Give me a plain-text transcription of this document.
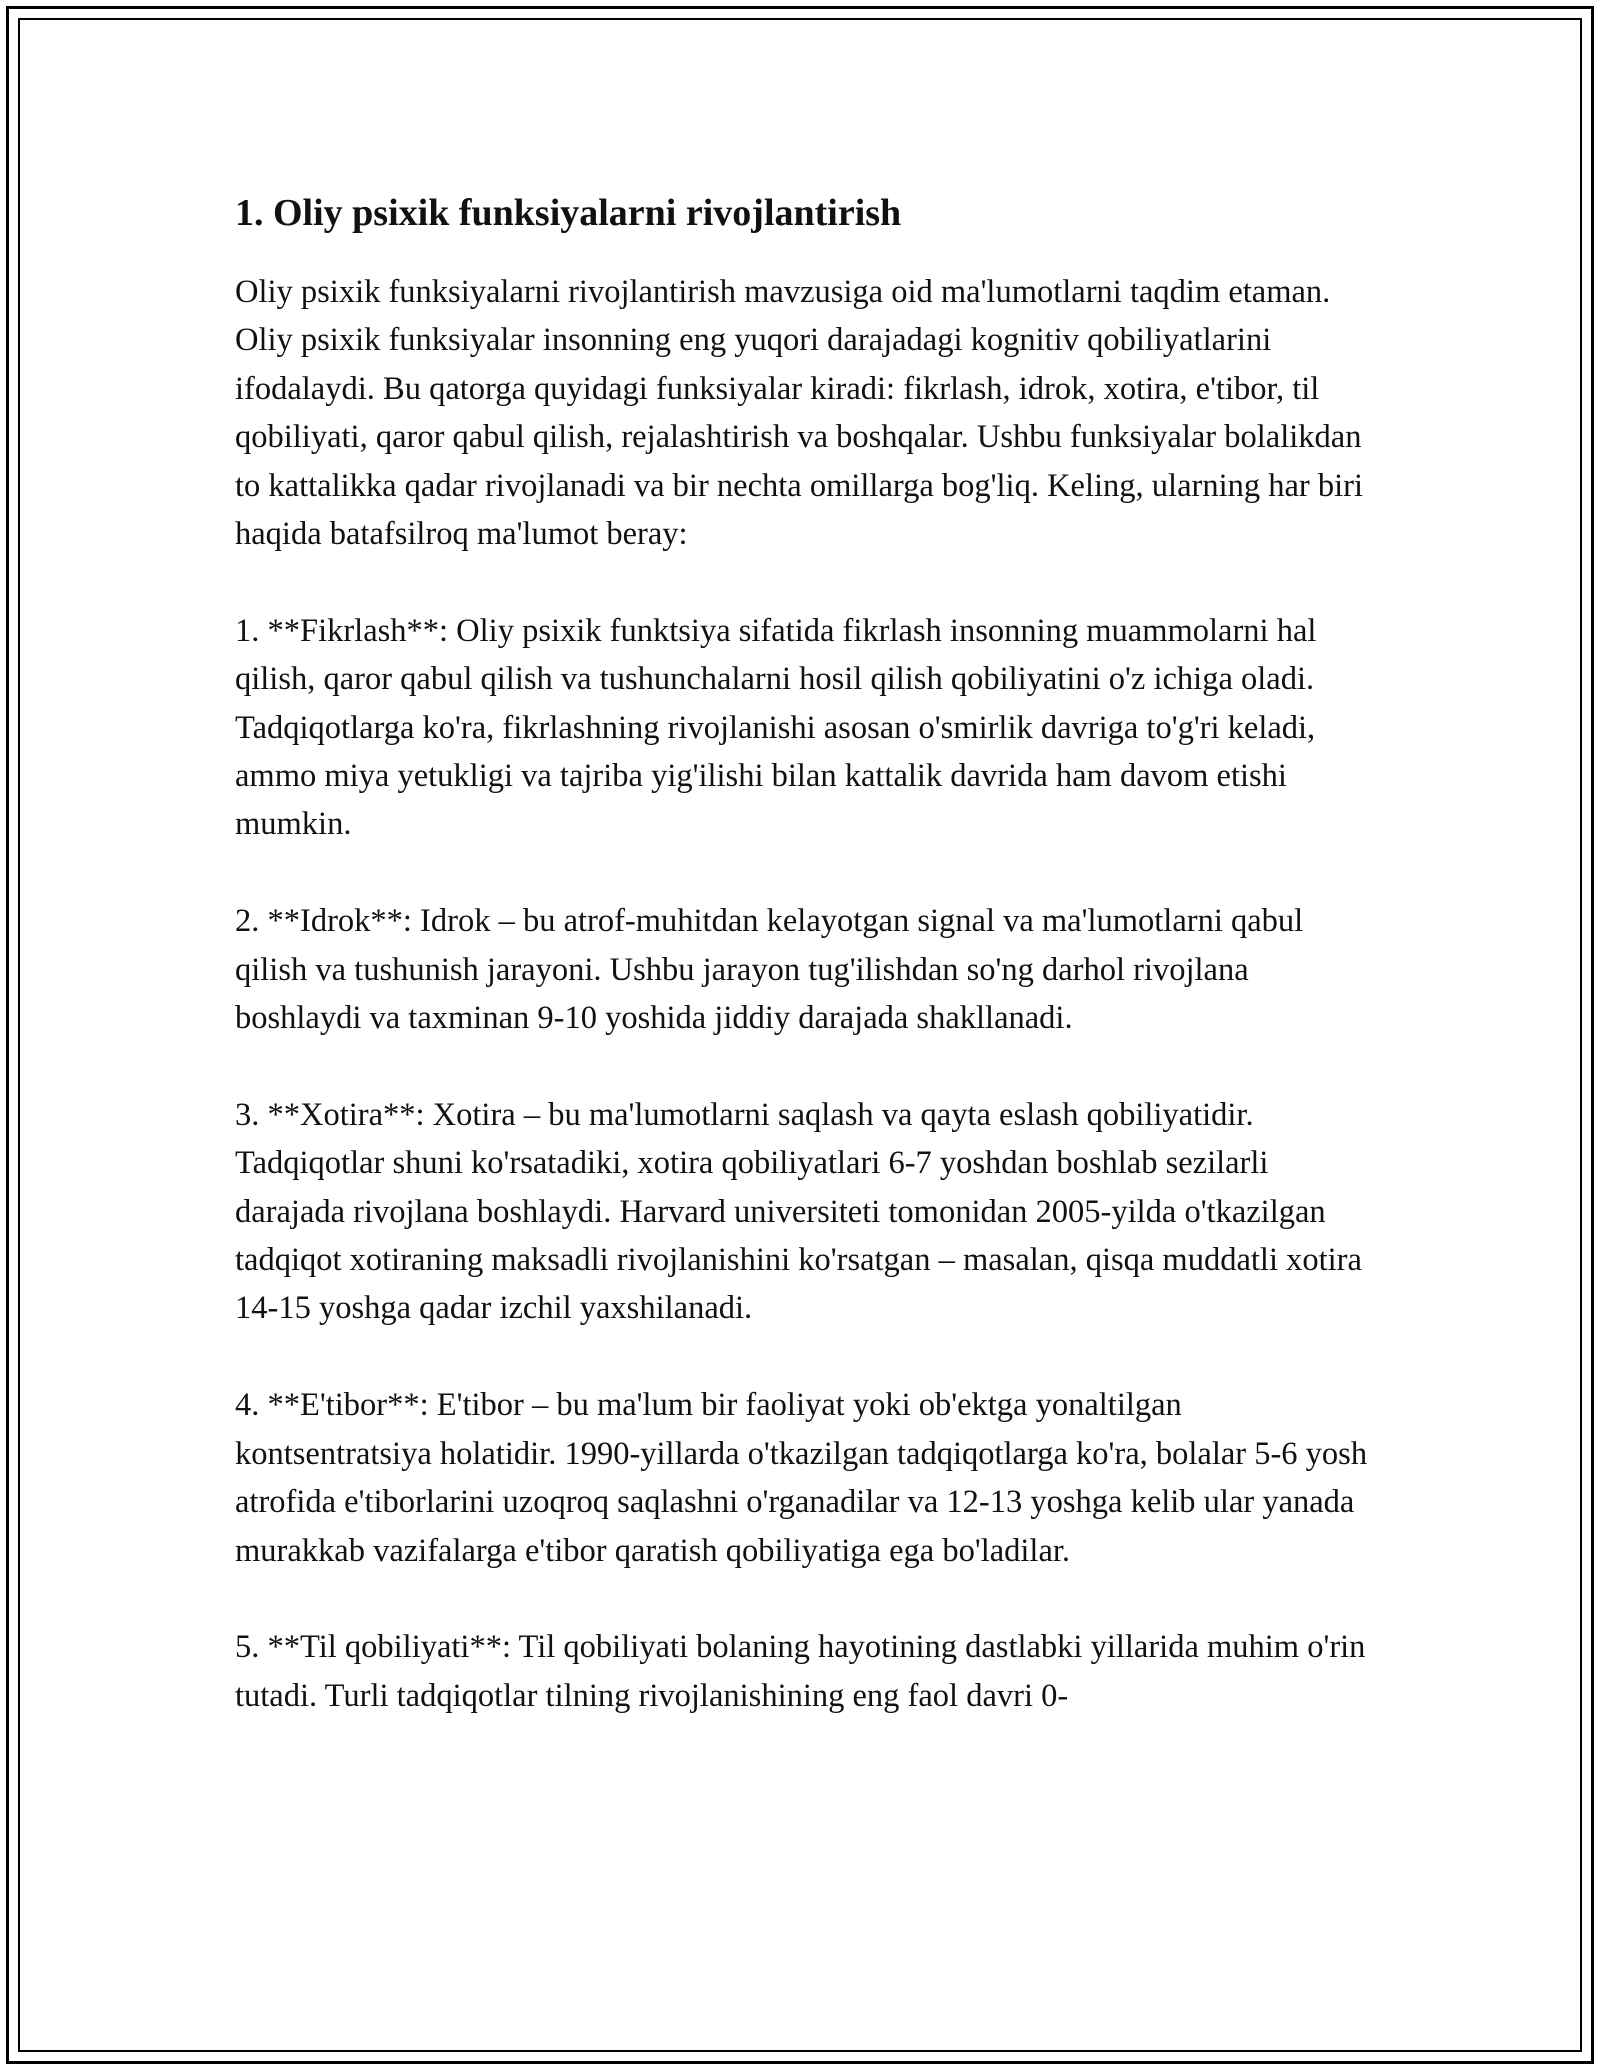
1. Oliy psixik funksiyalarni rivojlantirish

Oliy psixik funksiyalarni rivojlantirish mavzusiga oid ma'lumotlarni taqdim etaman. Oliy psixik funksiyalar insonning eng yuqori darajadagi kognitiv qobiliyatlarini ifodalaydi. Bu qatorga quyidagi funksiyalar kiradi: fikrlash, idrok, xotira, e'tibor, til qobiliyati, qaror qabul qilish, rejalashtirish va boshqalar. Ushbu funksiyalar bolalikdan to kattalikka qadar rivojlanadi va bir nechta omillarga bog'liq. Keling, ularning har biri haqida batafsilroq ma'lumot beray:

1. **Fikrlash**: Oliy psixik funktsiya sifatida fikrlash insonning muammolarni hal qilish, qaror qabul qilish va tushunchalarni hosil qilish qobiliyatini o'z ichiga oladi. Tadqiqotlarga ko'ra, fikrlashning rivojlanishi asosan o'smirlik davriga to'g'ri keladi, ammo miya yetukligi va tajriba yig'ilishi bilan kattalik davrida ham davom etishi mumkin.

2. **Idrok**: Idrok – bu atrof-muhitdan kelayotgan signal va ma'lumotlarni qabul qilish va tushunish jarayoni. Ushbu jarayon tug'ilishdan so'ng darhol rivojlana boshlaydi va taxminan 9-10 yoshida jiddiy darajada shakllanadi.

3. **Xotira**: Xotira – bu ma'lumotlarni saqlash va qayta eslash qobiliyatidir. Tadqiqotlar shuni ko'rsatadiki, xotira qobiliyatlari 6-7 yoshdan boshlab sezilarli darajada rivojlana boshlaydi. Harvard universiteti tomonidan 2005-yilda o'tkazilgan tadqiqot xotiraning maksadli rivojlanishini ko'rsatgan – masalan, qisqa muddatli xotira 14-15 yoshga qadar izchil yaxshilanadi.

4. **E'tibor**: E'tibor – bu ma'lum bir faoliyat yoki ob'ektga yonaltilgan kontsentratsiya holatidir. 1990-yillarda o'tkazilgan tadqiqotlarga ko'ra, bolalar 5-6 yosh atrofida e'tiborlarini uzoqroq saqlashni o'rganadilar va 12-13 yoshga kelib ular yanada murakkab vazifalarga e'tibor qaratish qobiliyatiga ega bo'ladilar.

5. **Til qobiliyati**: Til qobiliyati bolaning hayotining dastlabki yillarida muhim o'rin tutadi. Turli tadqiqotlar tilning rivojlanishining eng faol davri 0-
